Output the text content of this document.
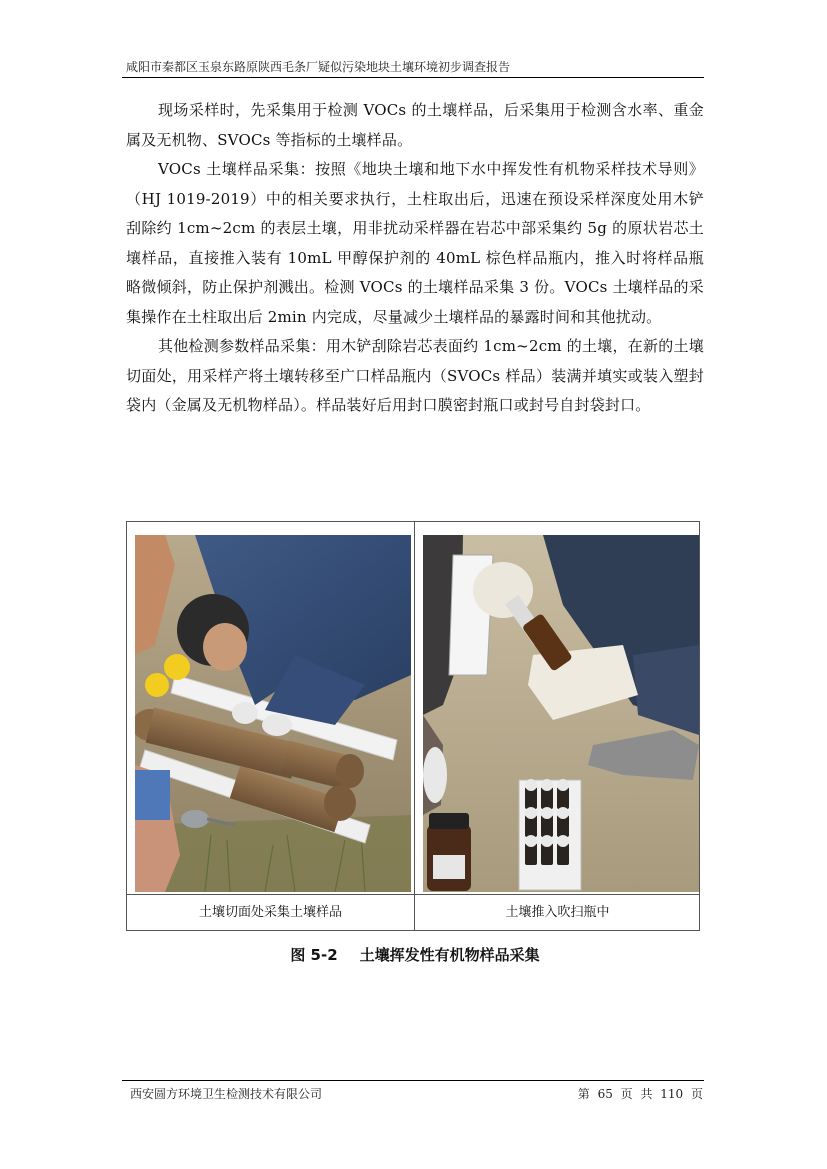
咸阳市秦都区玉泉东路原陕西毛条厂疑似污染地块土壤环境初步调查报告

现场采样时，先采集用于检测 VOCs 的土壤样品，后采集用于检测含水率、重金属及无机物、SVOCs 等指标的土壤样品。

VOCs 土壤样品采集：按照《地块土壤和地下水中挥发性有机物采样技术导则》（HJ 1019-2019）中的相关要求执行，土柱取出后，迅速在预设采样深度处用木铲刮除约 1cm~2cm 的表层土壤，用非扰动采样器在岩芯中部采集约 5g 的原状岩芯土壤样品，直接推入装有 10mL 甲醇保护剂的 40mL 棕色样品瓶内，推入时将样品瓶略微倾斜，防止保护剂溅出。检测 VOCs 的土壤样品采集 3 份。VOCs 土壤样品的采集操作在土柱取出后 2min 内完成，尽量减少土壤样品的暴露时间和其他扰动。

其他检测参数样品采集：用木铲刮除岩芯表面约 1cm~2cm 的土壤，在新的土壤切面处，用采样产将土壤转移至广口样品瓶内（SVOCs 样品）装满并填实或装入塑封袋内（金属及无机物样品）。样品装好后用封口膜密封瓶口或封号自封袋封口。

土壤切面处采集土壤样品	土壤推入吹扫瓶中
图 5-2 土壤挥发性有机物样品采集
西安圆方环境卫生检测技术有限公司	第 65 页 共 110 页
